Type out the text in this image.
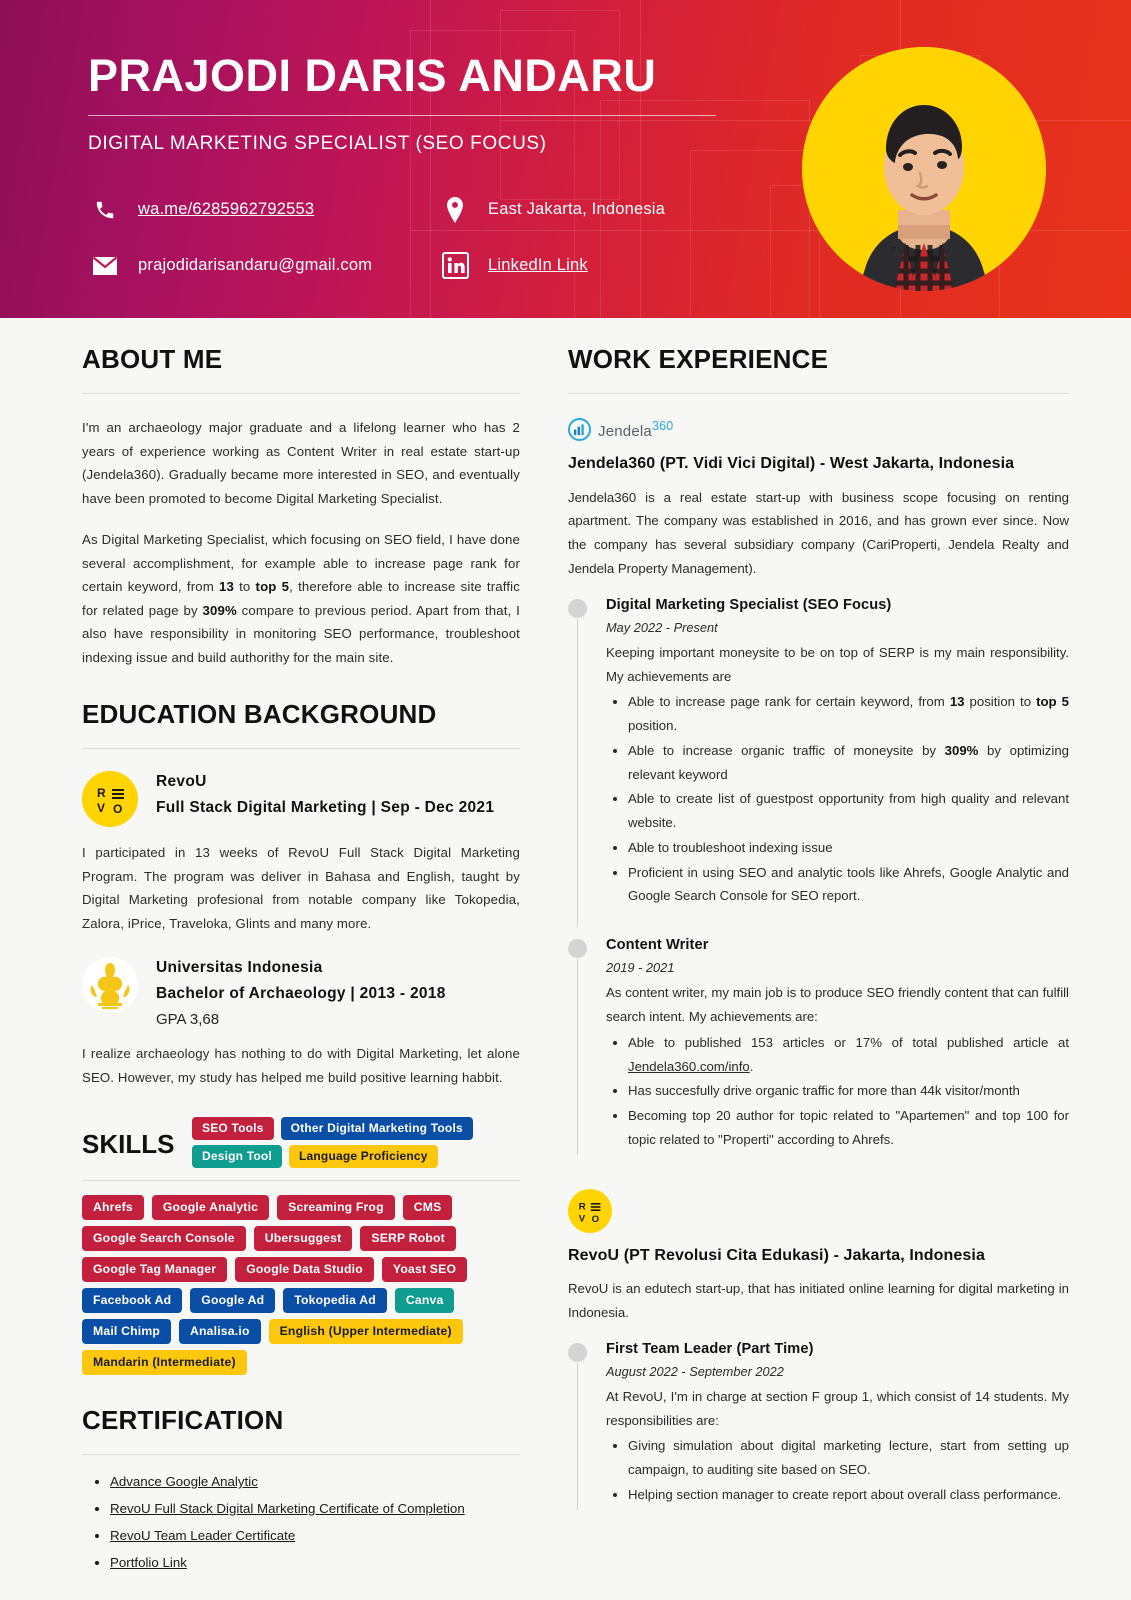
PRAJODI DARIS ANDARU
DIGITAL MARKETING SPECIALIST (SEO FOCUS)
wa.me/6285962792553	East Jakarta, Indonesia
prajodidarisandaru@gmail.com	LinkedIn Link
ABOUT ME

I'm an archaeology major graduate and a lifelong learner who has 2 years of experience working as Content Writer in real estate start-up (Jendela360). Gradually became more interested in SEO, and eventually have been promoted to become Digital Marketing Specialist.

As Digital Marketing Specialist, which focusing on SEO field, I have done several accomplishment, for example able to increase page rank for certain keyword, from 13 to top 5, therefore able to increase site traffic for related page by 309% compare to previous period. Apart from that, I also have responsibility in monitoring SEO performance, troubleshoot indexing issue and build authorithy for the main site.

EDUCATION BACKGROUND
R
V O
RevoU
Full Stack Digital Marketing | Sep - Dec 2021

I participated in 13 weeks of RevoU Full Stack Digital Marketing Program. The program was deliver in Bahasa and English, taught by Digital Marketing profesional from notable company like Tokopedia, Zalora, iPrice, Traveloka, Glints and many more.

Universitas Indonesia
Bachelor of Archaeology | 2013 - 2018
GPA 3,68

I realize archaeology has nothing to do with Digital Marketing, let alone SEO. However, my study has helped me build positive learning habbit.

SKILLS
SEO Tools	Other Digital Marketing Tools
Design Tool	Language Proficiency
Ahrefs	Google Analytic	Screaming Frog	CMS
Google Search Console	Ubersuggest	SERP Robot
Google Tag Manager	Google Data Studio	Yoast SEO
Facebook Ad	Google Ad	Tokopedia Ad	Canva
Mail Chimp	Analisa.io	English (Upper Intermediate)
Mandarin (Intermediate)
CERTIFICATION
• Advance Google Analytic
• RevoU Full Stack Digital Marketing Certificate of Completion
• RevoU Team Leader Certificate
• Portfolio Link
WORK EXPERIENCE
Jendela$^{360}$
Jendela360 (PT. Vidi Vici Digital) - West Jakarta, Indonesia

Jendela360 is a real estate start-up with business scope focusing on renting apartment. The company was established in 2016, and has grown ever since. Now the company has several subsidiary company (CariProperti, Jendela Realty and Jendela Property Management).

Digital Marketing Specialist (SEO Focus)
May 2022 - Present
Keeping important moneysite to be on top of SERP is my main responsibility. My achievements are
• Able to increase page rank for certain keyword, from 13 position to top 5 position.
• Able to increase organic traffic of moneysite by 309% by optimizing relevant keyword
• Able to create list of guestpost opportunity from high quality and relevant website.
• Able to troubleshoot indexing issue
• Proficient in using SEO and analytic tools like Ahrefs, Google Analytic and Google Search Console for SEO report.
Content Writer
2019 - 2021
As content writer, my main job is to produce SEO friendly content that can fulfill search intent. My achievements are:
• Able to published 153 articles or 17% of total published article at Jendela360.com/info.
• Has succesfully drive organic traffic for more than 44k visitor/month
• Becoming top 20 author for topic related to "Apartemen" and top 100 for topic related to "Properti" according to Ahrefs.
R
V O
RevoU (PT Revolusi Cita Edukasi) - Jakarta, Indonesia

RevoU is an edutech start-up, that has initiated online learning for digital marketing in Indonesia.

First Team Leader (Part Time)
August 2022 - September 2022
At RevoU, I'm in charge at section F group 1, which consist of 14 students. My responsibilities are:
• Giving simulation about digital marketing lecture, start from setting up campaign, to auditing site based on SEO.
• Helping section manager to create report about overall class performance.
